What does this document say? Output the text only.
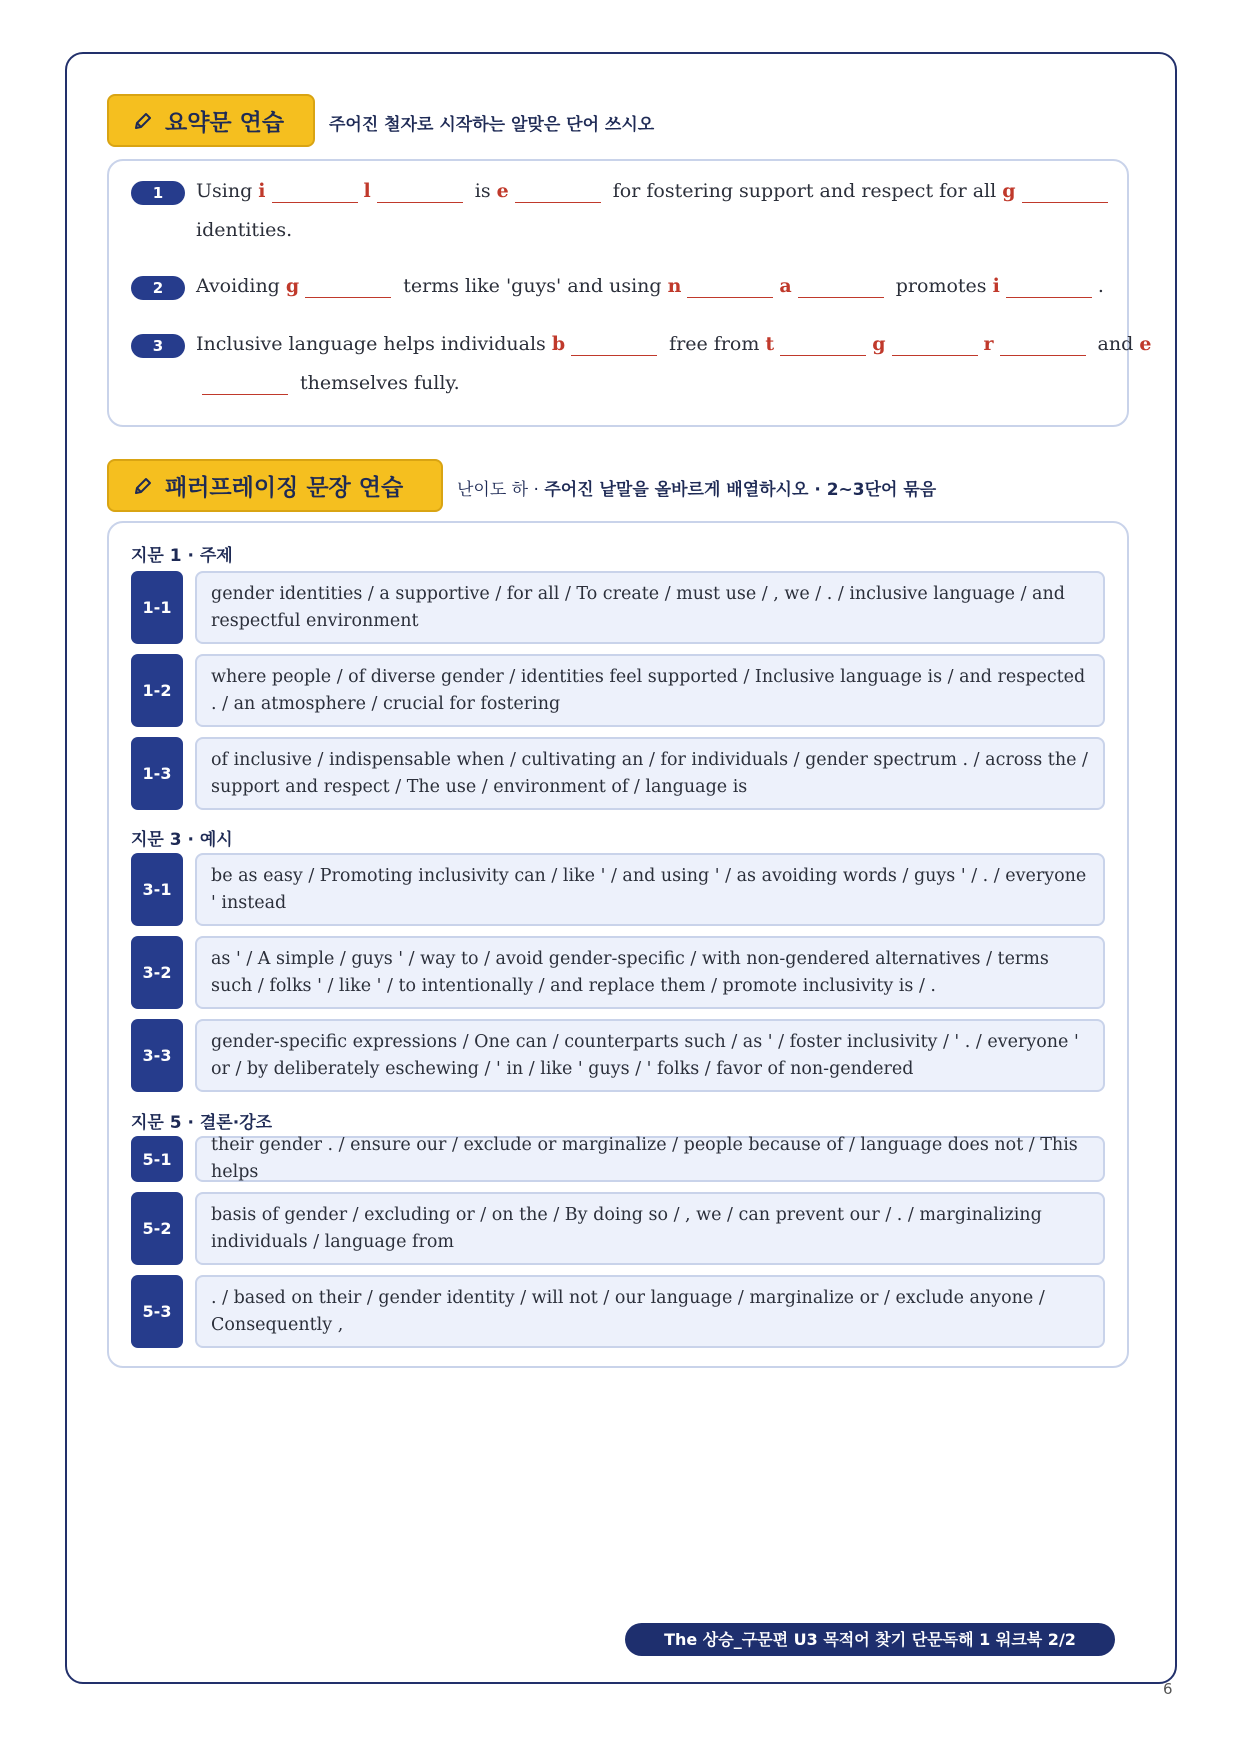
요약문 연습	주어진 철자로 시작하는 알맞은 단어 쓰시오
1	Using i	l	is e	for fostering support and respect for all g
identities.
2	Avoiding g	terms like 'guys' and using n	a	promotes i	.
3	Inclusive language helps individuals b	free from t	g	r	and e
themselves fully.
패러프레이징 문장 연습	난이도 하 · 주어진 낱말을 올바르게 배열하시오 · 2~3단어 묶음
지문 1 · 주제
1-1
gender identities / a supportive / for all / To create / must use / , we / . / inclusive language / and respectful environment
1-2
where people / of diverse gender / identities feel supported / Inclusive language is / and respected . / an atmosphere / crucial for fostering
1-3
of inclusive / indispensable when / cultivating an / for individuals / gender spectrum . / across the / support and respect / The use / environment of / language is
지문 3 · 예시
3-1
be as easy / Promoting inclusivity can / like ' / and using ' / as avoiding words / guys ' / . / everyone ' instead
3-2
as ' / A simple / guys ' / way to / avoid gender-specific / with non-gendered alternatives / terms such / folks ' / like ' / to intentionally / and replace them / promote inclusivity is / .
3-3
gender-specific expressions / One can / counterparts such / as ' / foster inclusivity / ' . / everyone ' or / by deliberately eschewing / ' in / like ' guys / ' folks / favor of non-gendered
지문 5 · 결론·강조
5-1
their gender . / ensure our / exclude or marginalize / people because of / language does not / This helps
5-2
basis of gender / excluding or / on the / By doing so / , we / can prevent our / . / marginalizing individuals / language from
5-3
. / based on their / gender identity / will not / our language / marginalize or / exclude anyone / Consequently ,
The 상승_구문편 U3 목적어 찾기 단문독해 1 워크북 2/2
6
